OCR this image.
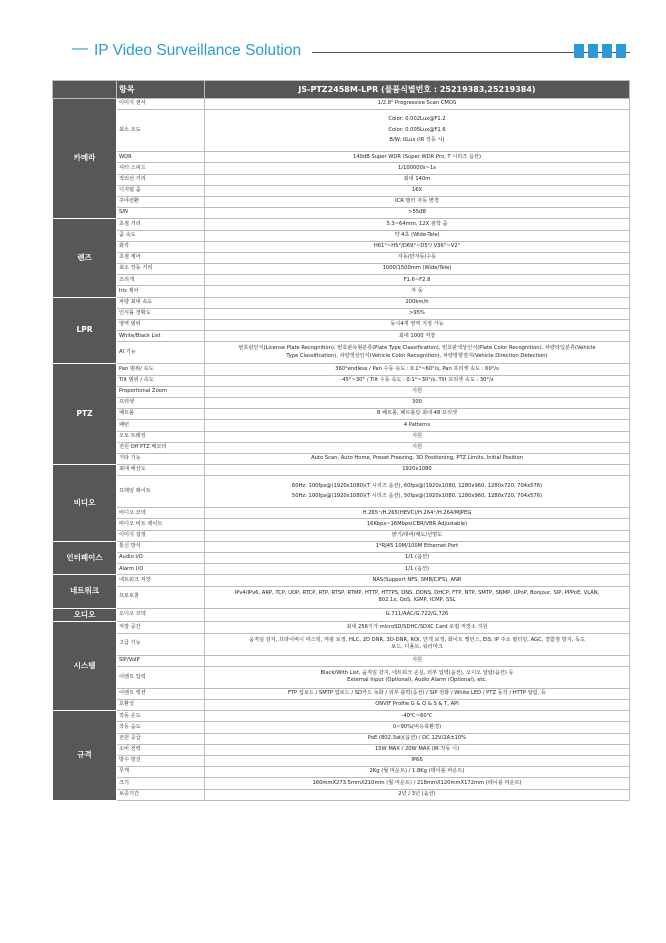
— IP Video Surveillance Solution
	항목	JS-PTZ2458M-LPR (물품식별번호 : 25219383,25219384)
카메라	이미지 센서	1/2.8" Progressive Scan CMOS

	최소 조도	Color: 0.002Lux@F1.2
Color: 0.005Lux@F1.6
B/W: 0Lux (IR 작동 시)

	WDR	140dB Super WDR (Super WDR Pro, T 시리즈 옵션)

	셔터 스피드	1/100000s~1s

	적외선 거리	최대 140m

	디지털 줌	16X

	주야전환	ICR 필터 자동 변경

	S/N	>55dB

렌즈	초점 거리	5.3~64mm, 12X 광학 줌

	줌 속도	약 4초 (Wide-Tele)

	화각	H61°~H5°/D69°~D5°/ V36°~V2°

	초점 제어	자동/반자동/수동

	최소 작동 거리	1000/1500mm (Wide/Tele)

	조리개	F1.6~F2.8

	Iris 제어	자 동

LPR	차량 최대 속도	200km/h

	인식률 정확도	>95%

	영역 범위	동시4개 영역 지정 가능

	White/Black List	최대 1000 저장

	AI 기능	번호판인식(License Plate Recognition), 번호판유형분류(Plate Type Classification), 번호판색상인식(Plate Color Recognition), 차량타입분류(Vehicle
Type Classification), 차량색상인식(Vehicle Color Recognition), 차량방향검지(Vehicle Direction Detection)

PTZ	Pan 범위/ 속도	360°endless / Pan 수동 속도 : 0.1°~60°/s, Pan 프리셋 속도 : 60°/s

	Tilt 범위 / 속도	-45°~30° / Tilt 수동 속도 : 0.1°~30°/s, Tilt 프리셋 속도 : 30°/s

	Proportional Zoom	지원

	프리셋	300

	패트롤	8 패트롤, 패트롤당 최대 48 프리셋

	패턴	4 Patterns

	오토 트래킹	지원

	전원 Off PTZ 메모리	지원

	기타 기능	Auto Scan, Auto Home, Preset Freezing, 3D Positioning, PTZ Limits, Initial Position

비디오	최대 해상도	1920x1080

	프레임 레이트	60Hz: 100fps@(1920x1080)(T 시리즈 옵션), 60fps@(1920x1080, 1280x960, 1280x720, 704x576)
50Hz: 100fps@(1920x1080)(T 시리즈 옵션), 50fps@(1920x1080, 1280x960, 1280x720, 704x576)

	비디오 코덱	H.265⁺/H.265(HEVC)/H.264⁺/H.264/MJPEG

	비디오 비트 레이트	16Kbps~16Mbps(CBR/VBR Adjustable)

	이미지 설정	밝기/대비/채도/선명도

인터페이스	통신 방식	1*RJ45 10M/100M Ethernet Port

	Audio I/O	1/1 (옵션)

	Alarm I/O	1/1 (옵션)

네트워크	네트워크 저장	NAS(Support NFS, SMB/CIFS), ANR

	프로토콜	IPv4/IPv6, ARP, TCP, UDP, RTCP, RTP, RTSP, RTMP, HTTP, HTTPS, DNS, DDNS, DHCP, FTP, NTP, SMTP, SNMP, UPnP, Bonjour, SIP, PPPoE, VLAN,
802.1x, QoS, IGMP, ICMP, SSL

오디오	오디오 코덱	G.711/AAC/G.722/G.726

시스템	저장 공간	최대 256기가 microSD/SDHC/SDXC Card 로컬 저장소 지원

	고급 기능	움직임 감지, 프라이버시 마스킹, 역광 보정, HLC, 2D DNR, 3D-DNR, ROI, 안개 보정, 화이트 밸런스, EIS, IP 주소 필터링, AGC, 결함점 방지, 독도
보드, 디폴트, 워터마크

	SIP/VoIP	지원

	이벤트 입력	Black/With List, 움직임 감지, 네트워크 손실, 외부 입력(옵션), 오디오 알람(옵션) 등
External Input (Optional), Audio Alarm (Optional), etc.

	이벤트 액션	FTP 업로드 / SMTP 업로드 / SD카드 녹화 / 외부 출력(옵션) / SIP 전화 / White LED / PTZ 동작 / HTTP 알림, 등

	호환성	ONVIF Profile G & Q & S & T, API

규격	작동 온도	-40℃~60℃

	작동 습도	0~90%(비응축환경)

	전원 공급	PoE (802.3at)(옵션) / DC 12V/2A±10%

	소비 전력	15W MAX / 20W MAX (IR 작동 시)

	방수 방진	IP66

	무게	2Kg (월 마운트) / 1.8Kg (테이블 마운트)

	크기	160mmX273.5mmX210mm (월 마운트) / 218mmX120mmX172mm (테이블 마운트)

	보증기간	2년 / 3년 (옵션)
